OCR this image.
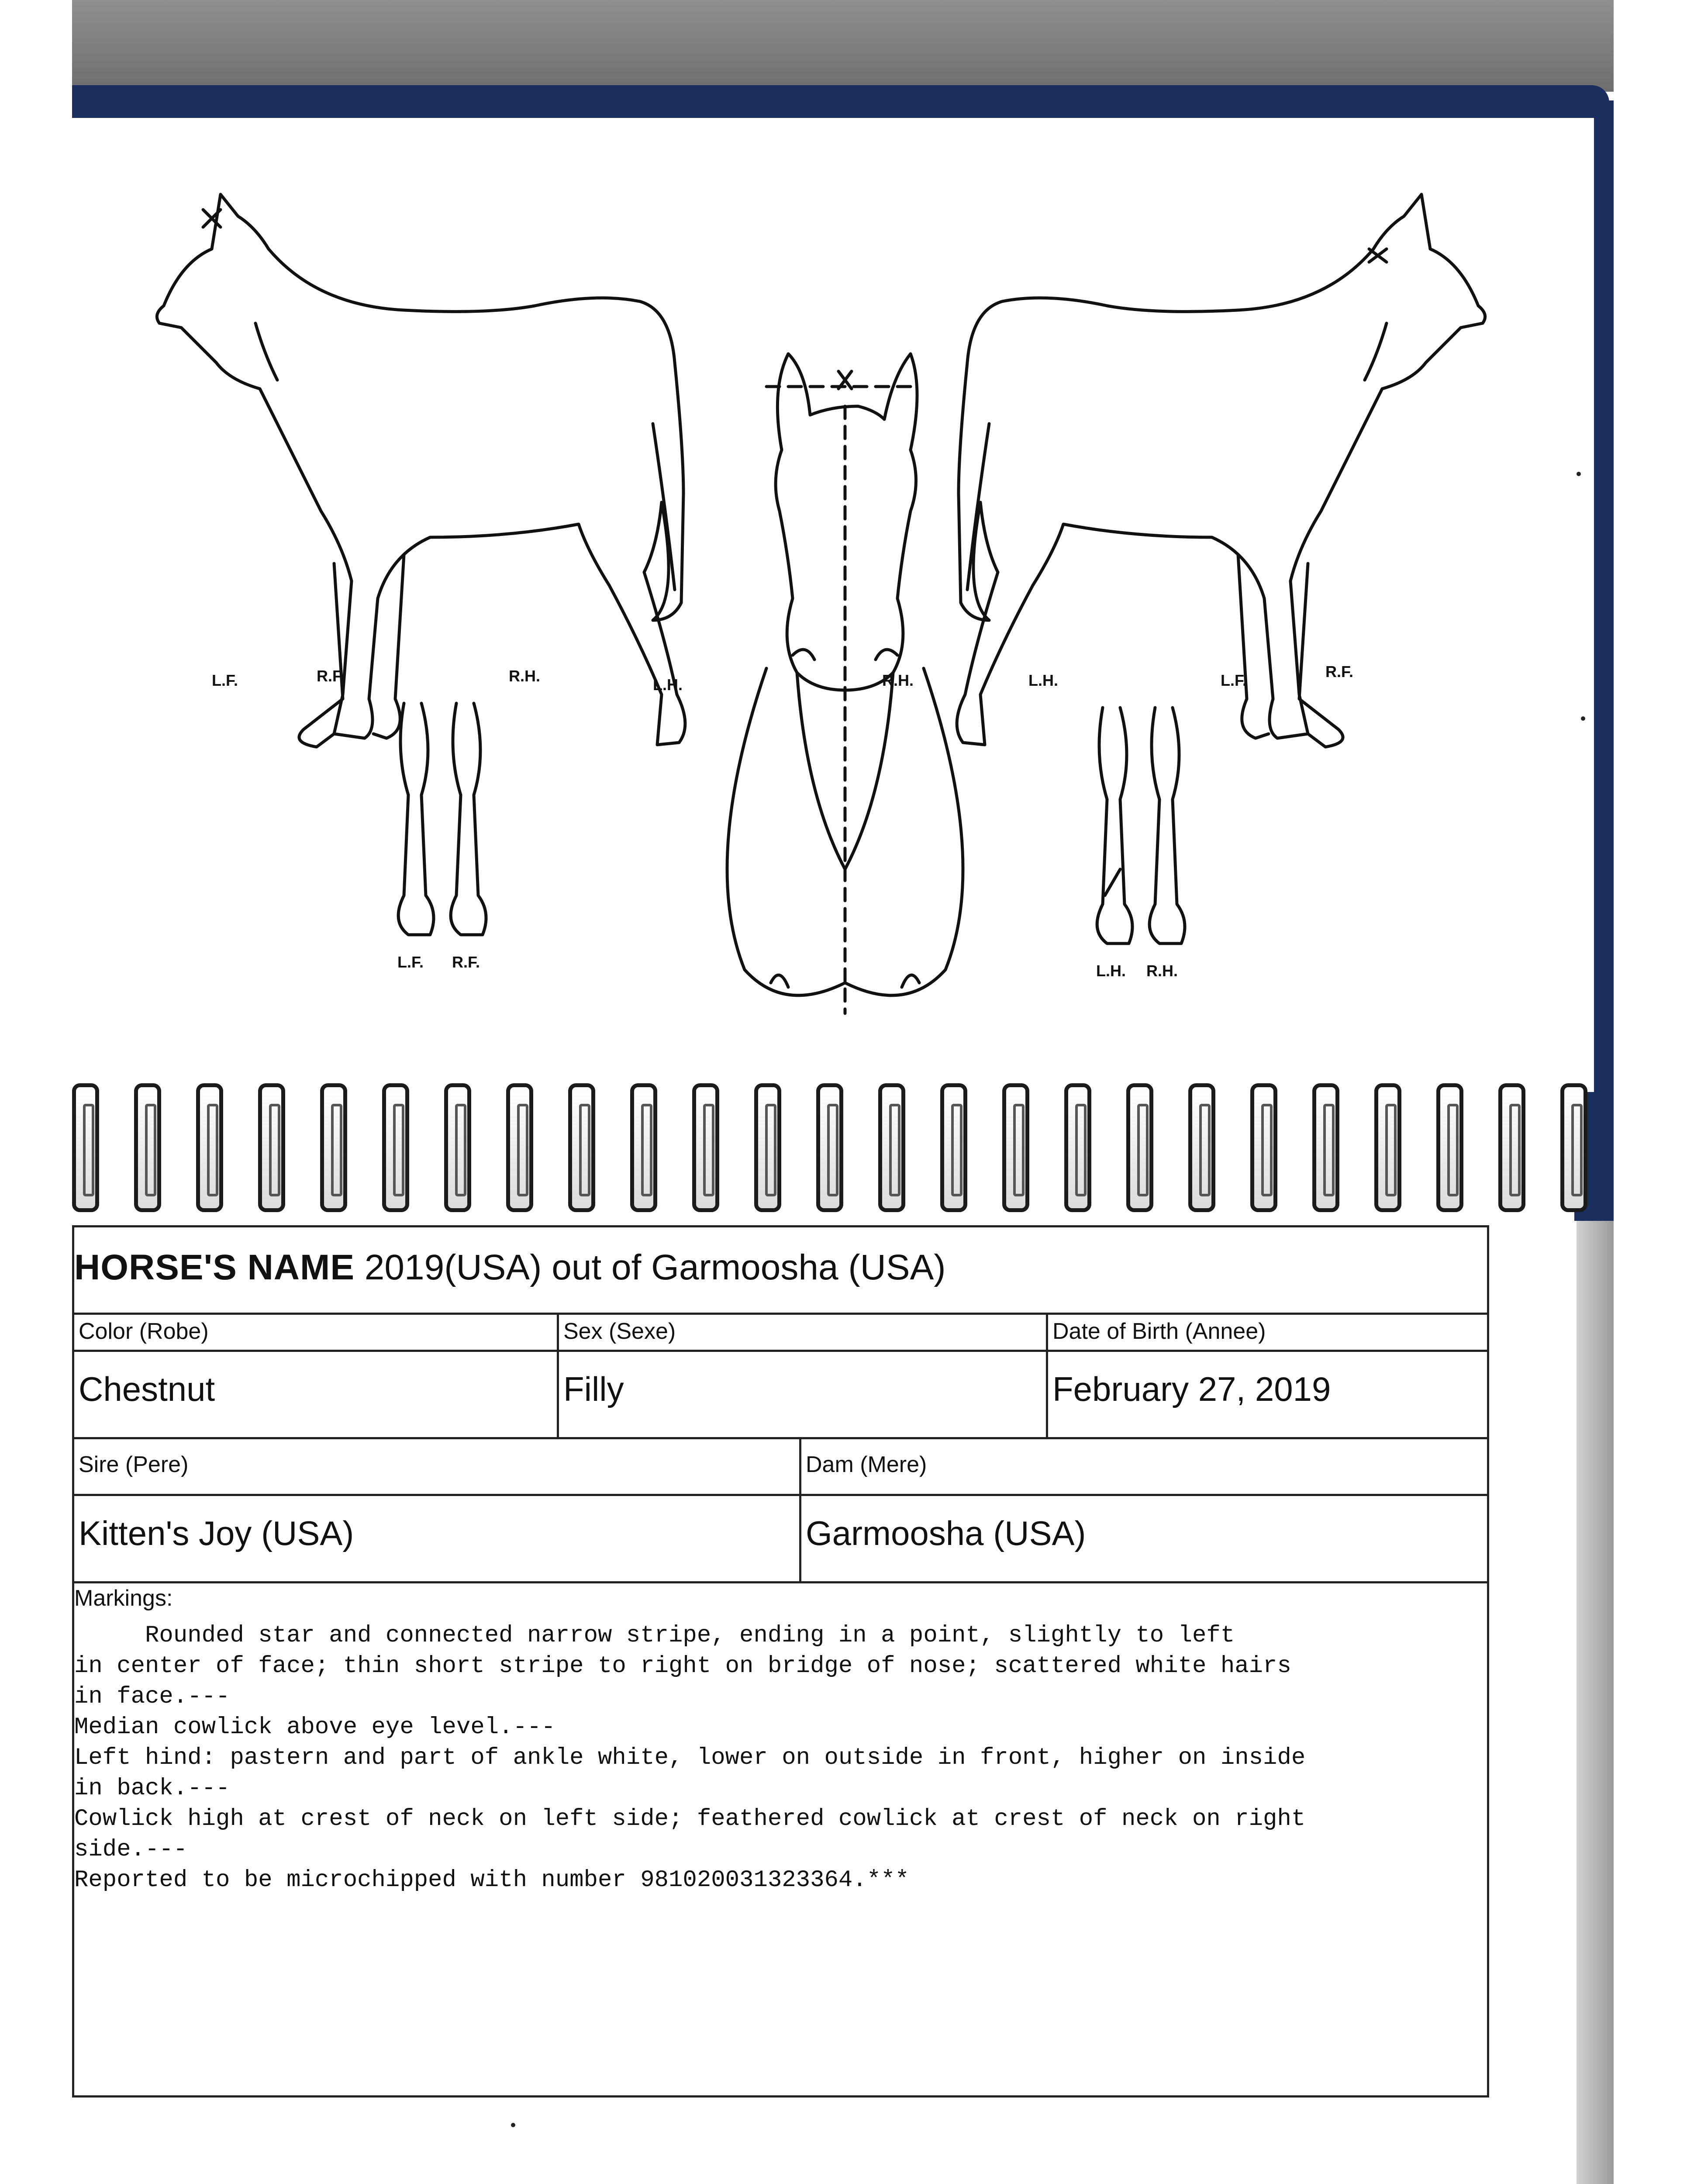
L.F.	R.F	R.H.	L.H.	R.H.	L.H.	L.F.	R.F.
L.F. R.F.	L.H. R.H.
HORSE'S NAME 2019(USA) out of Garmoosha (USA)
Color (Robe)	Sex (Sexe)	Date of Birth (Annee)
Chestnut	Filly	February 27, 2019
Sire (Pere)	Dam (Mere)
Kitten's Joy (USA)	Garmoosha (USA)
Markings:
Rounded star and connected narrow stripe, ending in a point, slightly to left
in center of face; thin short stripe to right on bridge of nose; scattered white hairs
in face.---
Median cowlick above eye level.---
Left hind: pastern and part of ankle white, lower on outside in front, higher on inside
in back.---
Cowlick high at crest of neck on left side; feathered cowlick at crest of neck on right
side.---
Reported to be microchipped with number 981020031323364.***
